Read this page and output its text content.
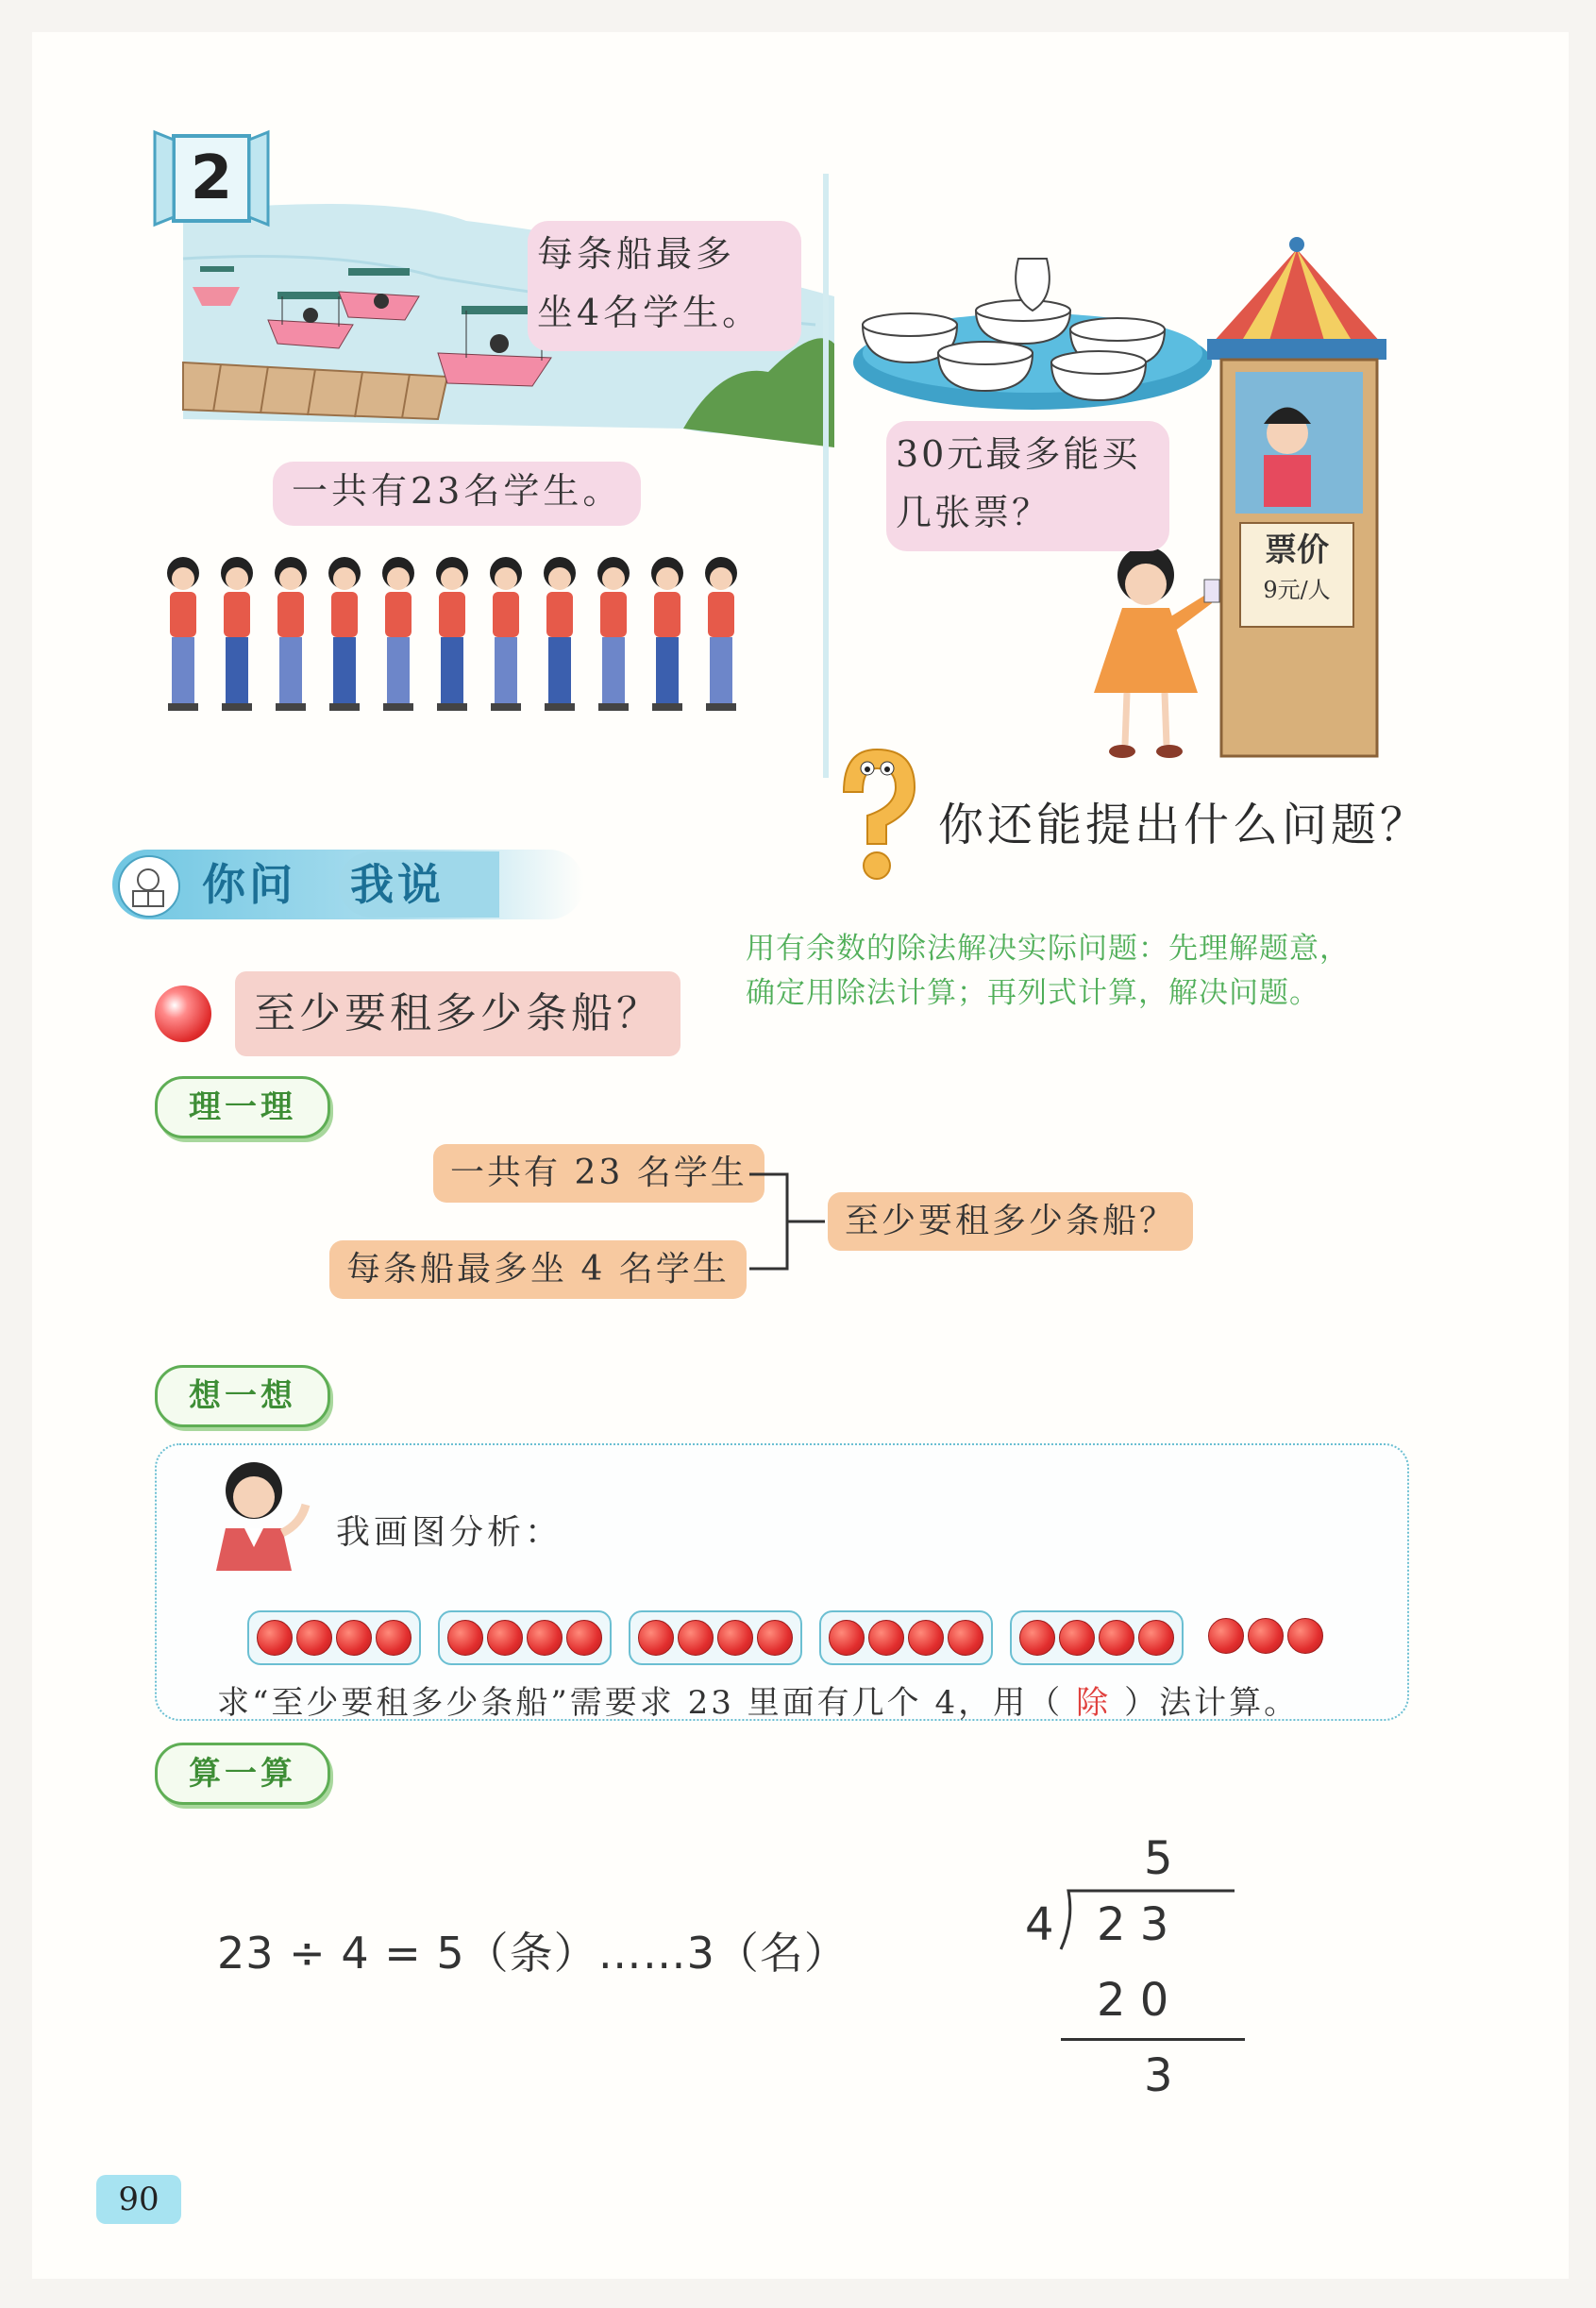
2
每条船最多
坐4名学生。
一共有23名学生。
30元最多能买
几张票？
票价
9元/人
你还能提出什么问题？
你问 我说
用有余数的除法解决实际问题：先理解题意，
确定用除法计算；再列式计算，解决问题。
至少要租多少条船？
理一理
一共有 23 名学生
每条船最多坐 4 名学生
至少要租多少条船？
想一想
我画图分析：
求“至少要租多少条船”需要求 23 里面有几个 4，用（ 除 ）法计算。
算一算
23 ÷ 4 = 5（条）……3（名）
5
4 2 3
2 0
3
90
